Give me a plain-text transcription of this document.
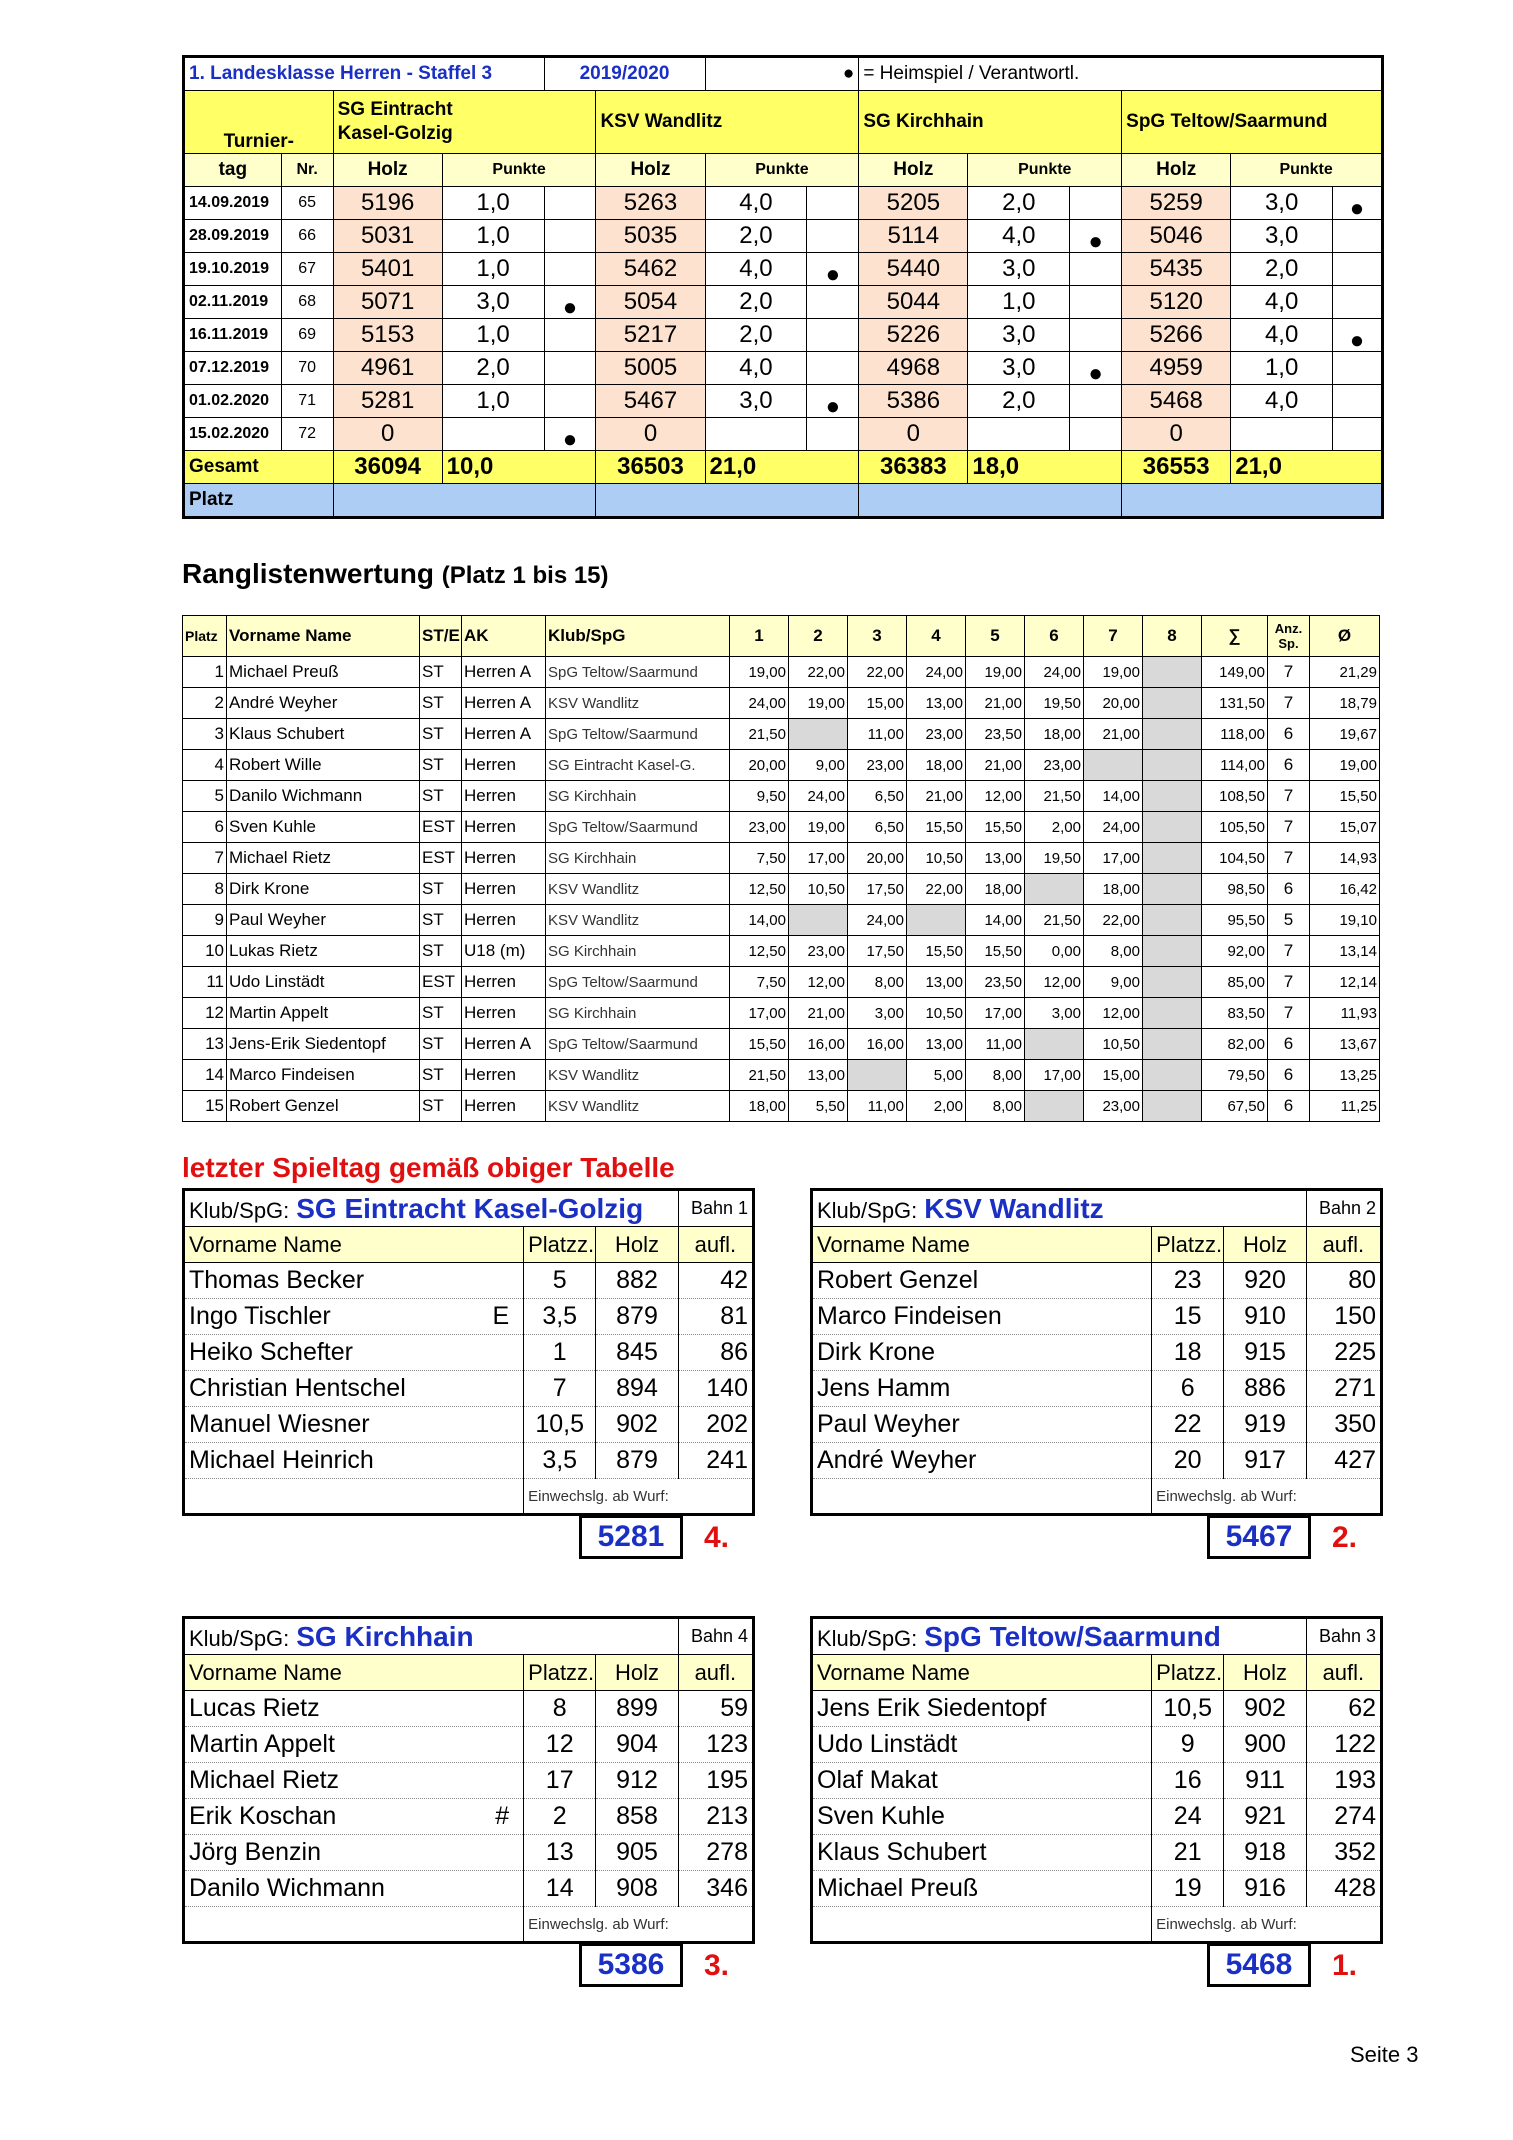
1. Landesklasse Herren - Staffel 3				2019/2020		●		= Heimspiel / Verantwortl.					
Turnier-		SG Eintracht
Kasel-Golzig			KSV Wandlitz			SG Kirchhain			SpG Teltow/Saarmund		
tag	Nr.	Holz	Punkte		Holz	Punkte		Holz	Punkte		Holz	Punkte	
14.09.2019	65	5196	1,0		5263	4,0		5205	2,0		5259	3,0	●
28.09.2019	66	5031	1,0		5035	2,0		5114	4,0	●	5046	3,0	
19.10.2019	67	5401	1,0		5462	4,0	●	5440	3,0		5435	2,0	
02.11.2019	68	5071	3,0	●	5054	2,0		5044	1,0		5120	4,0	
16.11.2019	69	5153	1,0		5217	2,0		5226	3,0		5266	4,0	●
07.12.2019	70	4961	2,0		5005	4,0		4968	3,0	●	4959	1,0	
01.02.2020	71	5281	1,0		5467	3,0	●	5386	2,0		5468	4,0	
15.02.2020	72	0		●	0			0			0		
Gesamt		36094	10,0		36503	21,0		36383	18,0		36553	21,0	
Platz													
Ranglistenwertung (Platz 1 bis 15)
Platz	Vorname Name	ST/E	AK	Klub/SpG	1	2	3	4	5	6	7	8	∑	Anz. Sp.	Ø
1	Michael Preuß	ST	Herren A	SpG Teltow/Saarmund	19,00	22,00	22,00	24,00	19,00	24,00	19,00		149,00	7	21,29
2	André Weyher	ST	Herren A	KSV Wandlitz	24,00	19,00	15,00	13,00	21,00	19,50	20,00		131,50	7	18,79
3	Klaus Schubert	ST	Herren A	SpG Teltow/Saarmund	21,50		11,00	23,00	23,50	18,00	21,00		118,00	6	19,67
4	Robert Wille	ST	Herren	SG Eintracht Kasel-G.	20,00	9,00	23,00	18,00	21,00	23,00			114,00	6	19,00
5	Danilo Wichmann	ST	Herren	SG Kirchhain	9,50	24,00	6,50	21,00	12,00	21,50	14,00		108,50	7	15,50
6	Sven Kuhle	EST	Herren	SpG Teltow/Saarmund	23,00	19,00	6,50	15,50	15,50	2,00	24,00		105,50	7	15,07
7	Michael Rietz	EST	Herren	SG Kirchhain	7,50	17,00	20,00	10,50	13,00	19,50	17,00		104,50	7	14,93
8	Dirk Krone	ST	Herren	KSV Wandlitz	12,50	10,50	17,50	22,00	18,00		18,00		98,50	6	16,42
9	Paul Weyher	ST	Herren	KSV Wandlitz	14,00		24,00		14,00	21,50	22,00		95,50	5	19,10
10	Lukas Rietz	ST	U18 (m)	SG Kirchhain	12,50	23,00	17,50	15,50	15,50	0,00	8,00		92,00	7	13,14
11	Udo Linstädt	EST	Herren	SpG Teltow/Saarmund	7,50	12,00	8,00	13,00	23,50	12,00	9,00		85,00	7	12,14
12	Martin Appelt	ST	Herren	SG Kirchhain	17,00	21,00	3,00	10,50	17,00	3,00	12,00		83,50	7	11,93
13	Jens-Erik Siedentopf	ST	Herren A	SpG Teltow/Saarmund	15,50	16,00	16,00	13,00	11,00		10,50		82,00	6	13,67
14	Marco Findeisen	ST	Herren	KSV Wandlitz	21,50	13,00		5,00	8,00	17,00	15,00		79,50	6	13,25
15	Robert Genzel	ST	Herren	KSV Wandlitz	18,00	5,50	11,00	2,00	8,00		23,00		67,50	6	11,25
letzter Spieltag gemäß obiger Tabelle
Klub/SpG: SG Eintracht Kasel-Golzig			Bahn 1
Vorname Name	Platzz.	Holz	aufl.
Thomas Becker	5	882	42
Ingo Tischler E	3,5	879	81
Heiko Schefter	1	845	86
Christian Hentschel	7	894	140
Manuel Wiesner	10,5	902	202
Michael Heinrich	3,5	879	241
	Einwechslg. ab Wurf:		
5281	4.
Klub/SpG: KSV Wandlitz			Bahn 2
Vorname Name	Platzz.	Holz	aufl.
Robert Genzel	23	920	80
Marco Findeisen	15	910	150
Dirk Krone	18	915	225
Jens Hamm	6	886	271
Paul Weyher	22	919	350
André Weyher	20	917	427
	Einwechslg. ab Wurf:		
5467	2.
Klub/SpG: SG Kirchhain			Bahn 4
Vorname Name	Platzz.	Holz	aufl.
Lucas Rietz	8	899	59
Martin Appelt	12	904	123
Michael Rietz	17	912	195
Erik Koschan #	2	858	213
Jörg Benzin	13	905	278
Danilo Wichmann	14	908	346
	Einwechslg. ab Wurf:		
5386	3.
Klub/SpG: SpG Teltow/Saarmund			Bahn 3
Vorname Name	Platzz.	Holz	aufl.
Jens Erik Siedentopf	10,5	902	62
Udo Linstädt	9	900	122
Olaf Makat	16	911	193
Sven Kuhle	24	921	274
Klaus Schubert	21	918	352
Michael Preuß	19	916	428
	Einwechslg. ab Wurf:		
5468	1.
Seite 3
